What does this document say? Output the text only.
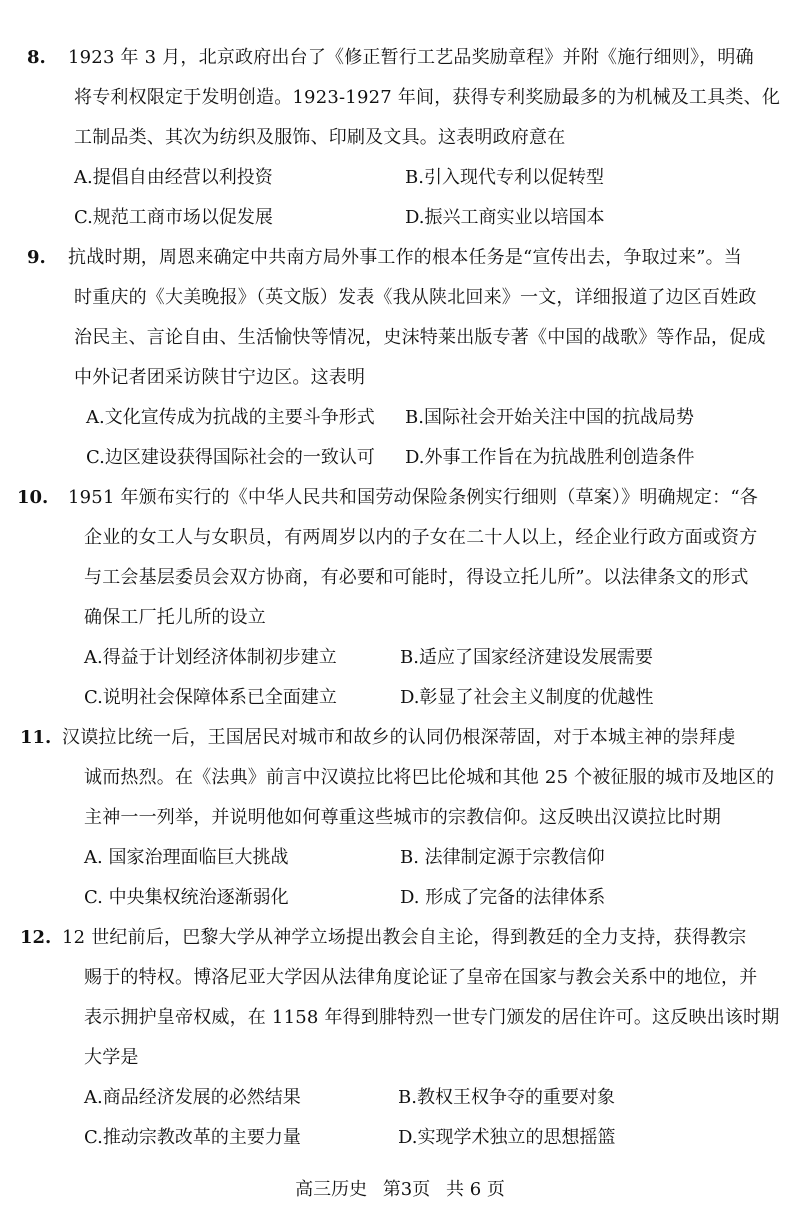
8. 1923 年 3 月，北京政府出台了《修正暂行工艺品奖励章程》并附《施行细则》，明确
将专利权限定于发明创造。1923-1927 年间，获得专利奖励最多的为机械及工具类、化
工制品类、其次为纺织及服饰、印刷及文具。这表明政府意在
A.提倡自由经营以利投资	B.引入现代专利以促转型
C.规范工商市场以促发展	D.振兴工商实业以培国本
9. 抗战时期，周恩来确定中共南方局外事工作的根本任务是“宣传出去，争取过来”。当
时重庆的《大美晚报》（英文版）发表《我从陕北回来》一文，详细报道了边区百姓政
治民主、言论自由、生活愉快等情况，史沫特莱出版专著《中国的战歌》等作品，促成
中外记者团采访陕甘宁边区。这表明
A.文化宣传成为抗战的主要斗争形式 B.国际社会开始关注中国的抗战局势
C.边区建设获得国际社会的一致认可 D.外事工作旨在为抗战胜利创造条件
10. 1951 年颁布实行的《中华人民共和国劳动保险条例实行细则（草案）》明确规定：“各
企业的女工人与女职员，有两周岁以内的子女在二十人以上，经企业行政方面或资方
与工会基层委员会双方协商，有必要和可能时，得设立托儿所”。以法律条文的形式
确保工厂托儿所的设立
A.得益于计划经济体制初步建立	B.适应了国家经济建设发展需要
C.说明社会保障体系已全面建立	D.彰显了社会主义制度的优越性
11. 汉谟拉比统一后，王国居民对城市和故乡的认同仍根深蒂固，对于本城主神的崇拜虔
诚而热烈。在《法典》前言中汉谟拉比将巴比伦城和其他 25 个被征服的城市及地区的
主神一一列举，并说明他如何尊重这些城市的宗教信仰。这反映出汉谟拉比时期
A. 国家治理面临巨大挑战	B. 法律制定源于宗教信仰
C. 中央集权统治逐渐弱化	D. 形成了完备的法律体系
12. 12 世纪前后，巴黎大学从神学立场提出教会自主论，得到教廷的全力支持，获得教宗
赐于的特权。博洛尼亚大学因从法律角度论证了皇帝在国家与教会关系中的地位，并
表示拥护皇帝权威，在 1158 年得到腓特烈一世专门颁发的居住许可。这反映出该时期
大学是
A.商品经济发展的必然结果	B.教权王权争夺的重要对象
C.推动宗教改革的主要力量	D.实现学术独立的思想摇篮
高三历史 第3页 共 6 页
